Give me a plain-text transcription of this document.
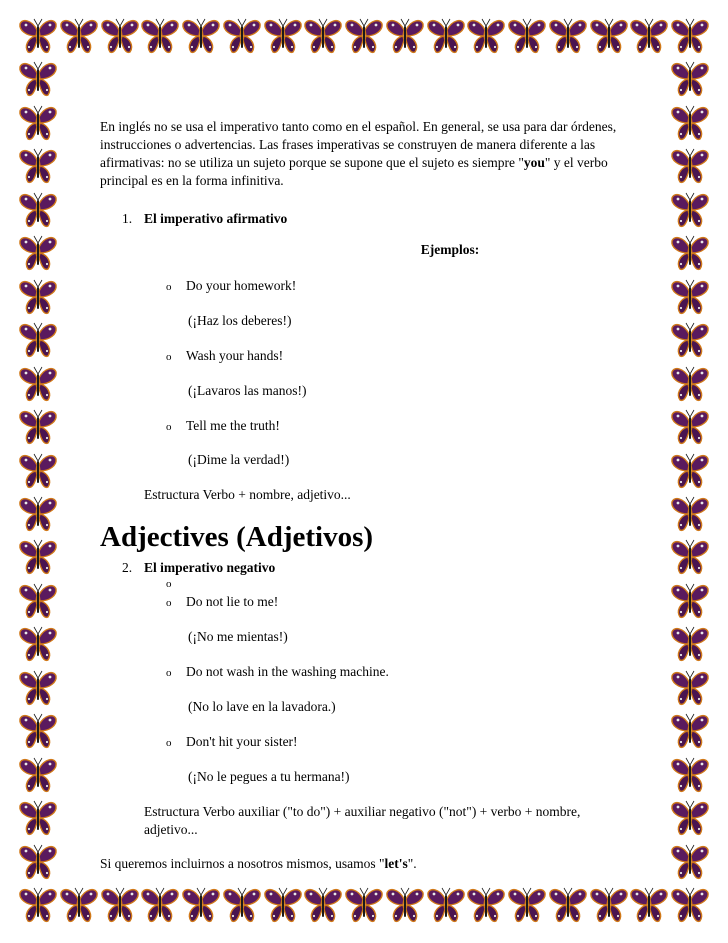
En inglés no se usa el imperativo tanto como en el español. En general, se usa para dar órdenes, instrucciones o advertencias. Las frases imperativas se construyen de manera diferente a las afirmativas: no se utiliza un sujeto porque se supone que el sujeto es siempre "you" y el verbo principal es en la forma infinitiva.

1. El imperativo afirmativo
Ejemplos:
o	Do your homework!

(¡Haz los deberes!)

o	Wash your hands!

(¡Lavaros las manos!)

o	Tell me the truth!

(¡Dime la verdad!)

Estructura Verbo + nombre, adjetivo...

Adjectives (Adjetivos)
2. El imperativo negativo
o
o	Do not lie to me!

(¡No me mientas!)

o	Do not wash in the washing machine.

(No lo lave en la lavadora.)

o	Don't hit your sister!

(¡No le pegues a tu hermana!)

Estructura Verbo auxiliar ("to do") + auxiliar negativo ("not") + verbo + nombre, adjetivo...

Si queremos incluirnos a nosotros mismos, usamos "let's".
